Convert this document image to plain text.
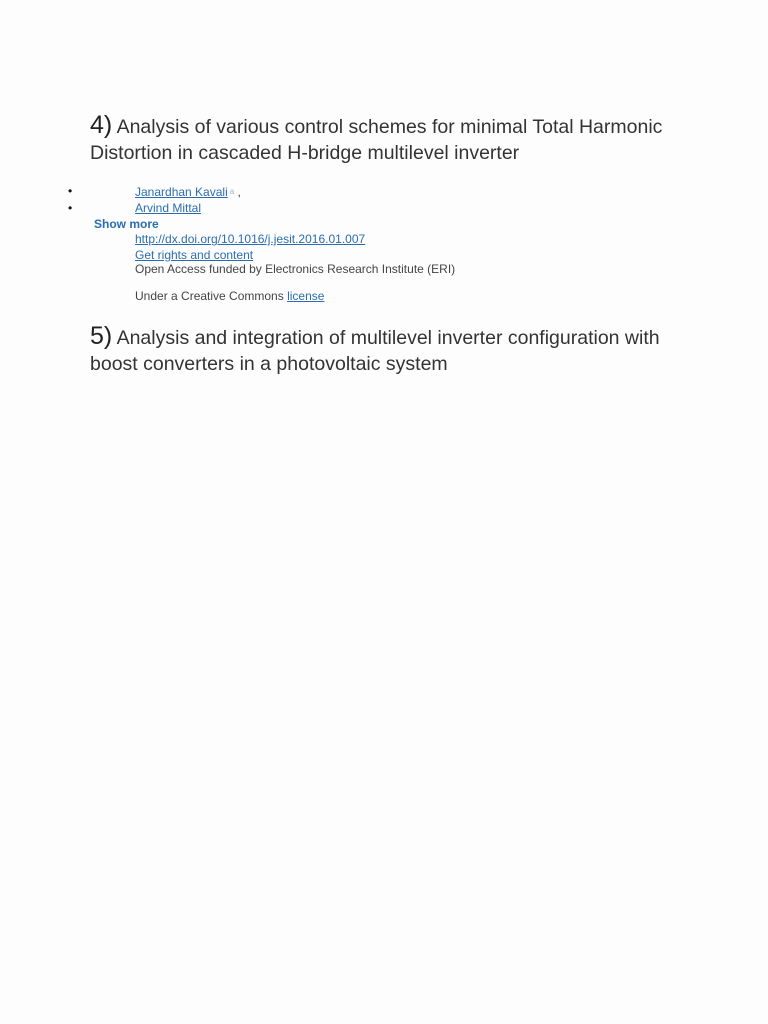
4) Analysis of various control schemes for minimal Total Harmonic Distortion in cascaded H-bridge multilevel inverter
•	Janardhan Kavali a ,
•	Arvind Mittal
Show more
http://dx.doi.org/10.1016/j.jesit.2016.01.007
Get rights and content
Open Access funded by Electronics Research Institute (ERI)
Under a Creative Commons license
5) Analysis and integration of multilevel inverter configuration with boost converters in a photovoltaic system
